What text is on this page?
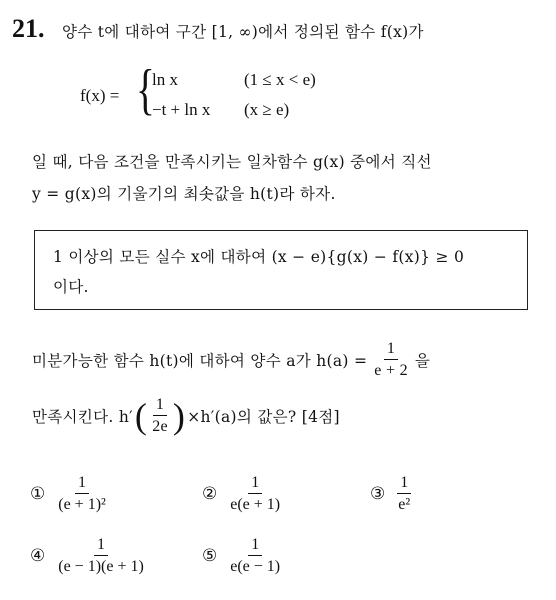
21. 양수 t에 대하여 구간 [1, ∞)에서 정의된 함수 f(x)가
f(x) = {
ln x	(1 ≤ x < e)
−t + ln x (x ≥ e)
일 때, 다음 조건을 만족시키는 일차함수 g(x) 중에서 직선
y = g(x)의 기울기의 최솟값을 h(t)라 하자.
1 이상의 모든 실수 x에 대하여 (x − e){g(x) − f(x)} ≥ 0
이다.
미분가능한 함수 h(t)에 대하여 양수 a가 $h(a) = \frac{1}{e + 2}$ 을
만족시킨다. h′ ( $\frac{1}{2e}$ ) ×h′(a)의 값은? [4점]
① $\frac{1}{\text{(e + 1)²}}$	② $\frac{1}{e(e + 1)}$	③ $\frac{1}{\text{e²}}$
④ $\frac{1}{(e - 1)(e + 1)}$	⑤ $\frac{1}{e(e - 1)}$
